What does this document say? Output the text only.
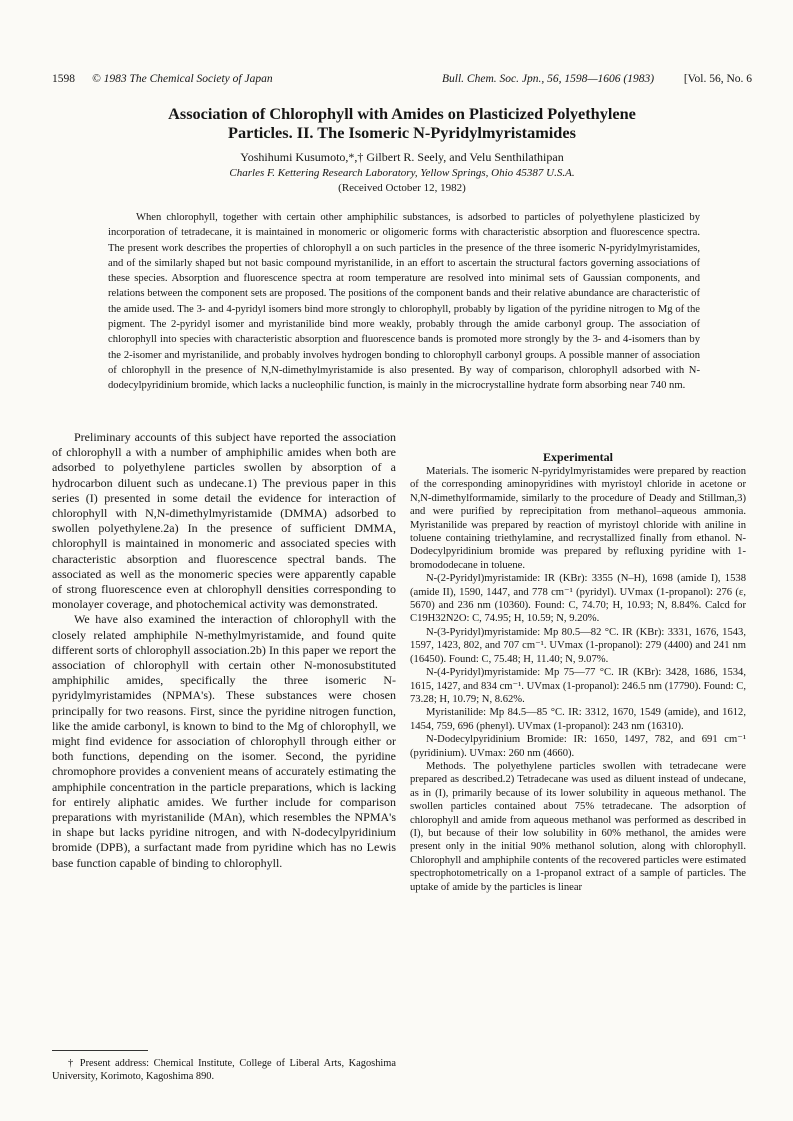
1598 © 1983 The Chemical Society of Japan	Bull. Chem. Soc. Jpn., 56, 1598—1606 (1983)	[Vol. 56, No. 6
Association of Chlorophyll with Amides on Plasticized Polyethylene
Particles. II. The Isomeric N-Pyridylmyristamides
Yoshihumi Kusumoto,*,† Gilbert R. Seely, and Velu Senthilathipan
Charles F. Kettering Research Laboratory, Yellow Springs, Ohio 45387 U.S.A.
(Received October 12, 1982)

When chlorophyll, together with certain other amphiphilic substances, is adsorbed to particles of polyethylene plasticized by incorporation of tetradecane, it is maintained in monomeric or oligomeric forms with characteristic absorption and fluorescence spectra. The present work describes the properties of chlorophyll a on such particles in the presence of the three isomeric N-pyridylmyristamides, and of the similarly shaped but not basic compound myristanilide, in an effort to ascertain the structural factors governing associations of these species. Absorption and fluorescence spectra at room temperature are resolved into minimal sets of Gaussian components, and relations between the component sets are proposed. The positions of the component bands and their relative abundance are characteristic of the amide used. The 3- and 4-pyridyl isomers bind more strongly to chlorophyll, probably by ligation of the pyridine nitrogen to Mg of the pigment. The 2-pyridyl isomer and myristanilide bind more weakly, probably through the amide carbonyl group. The association of chlorophyll into species with characteristic absorption and fluorescence bands is promoted more strongly by the 3- and 4-isomers than by the 2-isomer and myristanilide, and probably involves hydrogen bonding to chlorophyll carbonyl groups. A possible manner of association of chlorophyll in the presence of N,N-dimethylmyristamide is also presented. By way of comparison, chlorophyll adsorbed with N-dodecylpyridinium bromide, which lacks a nucleophilic function, is mainly in the microcrystalline hydrate form absorbing near 740 nm.

Preliminary accounts of this subject have reported the association of chlorophyll a with a number of amphiphilic amides when both are adsorbed to polyethylene particles swollen by absorption of a hydrocarbon diluent such as undecane.1) The previous paper in this series (I) presented in some detail the evidence for interaction of chlorophyll with N,N-dimethylmyristamide (DMMA) adsorbed to swollen polyethylene.2a) In the presence of sufficient DMMA, chlorophyll is maintained in monomeric and associated species with characteristic absorption and fluorescence spectral bands. The associated as well as the monomeric species were apparently capable of strong fluorescence even at chlorophyll densities corresponding to monolayer coverage, and photochemical activity was demonstrated.

We have also examined the interaction of chlorophyll with the closely related amphiphile N-methylmyristamide, and found quite different sorts of chlorophyll association.2b) In this paper we report the association of chlorophyll with certain other N-monosubstituted amphiphilic amides, specifically the three isomeric N-pyridylmyristamides (NPMA's). These substances were chosen principally for two reasons. First, since the pyridine nitrogen function, like the amide carbonyl, is known to bind to the Mg of chlorophyll, we might find evidence for association of chlorophyll through either or both functions, depending on the isomer. Second, the pyridine chromophore provides a convenient means of accurately estimating the amphiphile concentration in the particle preparations, which is lacking for entirely aliphatic amides. We further include for comparison preparations with myristanilide (MAn), which resembles the NPMA's in shape but lacks pyridine nitrogen, and with N-dodecylpyridinium bromide (DPB), a surfactant made from pyridine which has no Lewis base function capable of binding to chlorophyll.

† Present address: Chemical Institute, College of Liberal Arts, Kagoshima University, Korimoto, Kagoshima 890.

Experimental

Materials. The isomeric N-pyridylmyristamides were prepared by reaction of the corresponding aminopyridines with myristoyl chloride in acetone or N,N-dimethylformamide, similarly to the procedure of Deady and Stillman,3) and were purified by reprecipitation from methanol–aqueous ammonia. Myristanilide was prepared by reaction of myristoyl chloride with aniline in toluene containing triethylamine, and recrystallized finally from ethanol. N-Dodecylpyridinium bromide was prepared by refluxing pyridine with 1-bromododecane in toluene.

N-(2-Pyridyl)myristamide: IR (KBr): 3355 (N–H), 1698 (amide I), 1538 (amide II), 1590, 1447, and 778 cm⁻¹ (pyridyl). UVmax (1-propanol): 276 (ε, 5670) and 236 nm (10360). Found: C, 74.70; H, 10.93; N, 8.84%. Calcd for C19H32N2O: C, 74.95; H, 10.59; N, 9.20%.

N-(3-Pyridyl)myristamide: Mp 80.5—82 °C. IR (KBr): 3331, 1676, 1543, 1597, 1423, 802, and 707 cm⁻¹. UVmax (1-propanol): 279 (4400) and 241 nm (16450). Found: C, 75.48; H, 11.40; N, 9.07%.

N-(4-Pyridyl)myristamide: Mp 75—77 °C. IR (KBr): 3428, 1686, 1534, 1615, 1427, and 834 cm⁻¹. UVmax (1-propanol): 246.5 nm (17790). Found: C, 73.28; H, 10.79; N, 8.62%.

Myristanilide: Mp 84.5—85 °C. IR: 3312, 1670, 1549 (amide), and 1612, 1454, 759, 696 (phenyl). UVmax (1-propanol): 243 nm (16310).

N-Dodecylpyridinium Bromide: IR: 1650, 1497, 782, and 691 cm⁻¹ (pyridinium). UVmax: 260 nm (4660).

Methods. The polyethylene particles swollen with tetradecane were prepared as described.2) Tetradecane was used as diluent instead of undecane, as in (I), primarily because of its lower solubility in aqueous methanol. The swollen particles contained about 75% tetradecane. The adsorption of chlorophyll and amide from aqueous methanol was performed as described in (I), but because of their low solubility in 60% methanol, the amides were present only in the initial 90% methanol solution, along with chlorophyll. Chlorophyll and amphiphile contents of the recovered particles were estimated spectrophotometrically on a 1-propanol extract of a sample of particles. The uptake of amide by the particles is linear
